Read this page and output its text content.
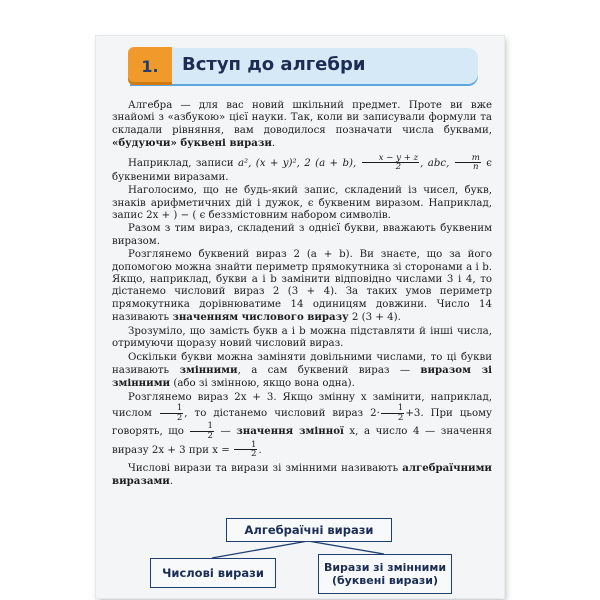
1. Вступ до алгебри

Алгебра — для вас новий шкільний предмет. Проте ви вже знайомі з «азбукою» цієї науки. Так, коли ви записували формули та складали рівняння, вам доводилося позначати числа буквами, «будуючи» буквені вирази.

Наприклад, записи a², (x + y)², 2 (a + b), $\frac{x - y + z}{2}$ , abc, $\frac{m}{n}$ є буквеними виразами.

Наголосимо, що не будь-який запис, складений із чисел, букв, знаків арифметичних дій і дужок, є буквеним виразом. Наприклад, запис 2x + ) − ( є беззмістовним набором символів.

Разом з тим вираз, складений з однієї букви, вважають буквеним виразом.

Розглянемо буквений вираз 2 (a + b). Ви знаєте, що за його допомогою можна знайти периметр прямокутника зі сторонами a і b. Якщо, наприклад, букви a і b замінити відповідно числами 3 і 4, то дістанемо числовий вираз 2 (3 + 4). За таких умов периметр прямокутника дорівнюватиме 14 одиницям довжини. Число 14 називають значенням числового виразу 2 (3 + 4).

Зрозуміло, що замість букв a і b можна підставляти й інші числа, отримуючи щоразу новий числовий вираз.

Оскільки букви можна заміняти довільними числами, то ці букви називають змінними, а сам буквений вираз — виразом зі змінними (або зі змінною, якщо вона одна).

Розглянемо вираз 2x + 3. Якщо змінну x замінити, наприклад, числом $\frac{1}{2}$ , то дістанемо числовий вираз $2\cdot \frac{1}{2} +3$. При цьому говорять, що $\frac{1}{2}$ — значення змінної x, а число 4 — значення виразу 2x + 3 при $x = \frac{1}{2}$ .

Числові вирази та вирази зі змінними називають алгебраїчними виразами.

Алгебраїчні вирази
Числові вирази	Вирази зі змінними
(буквені вирази)
